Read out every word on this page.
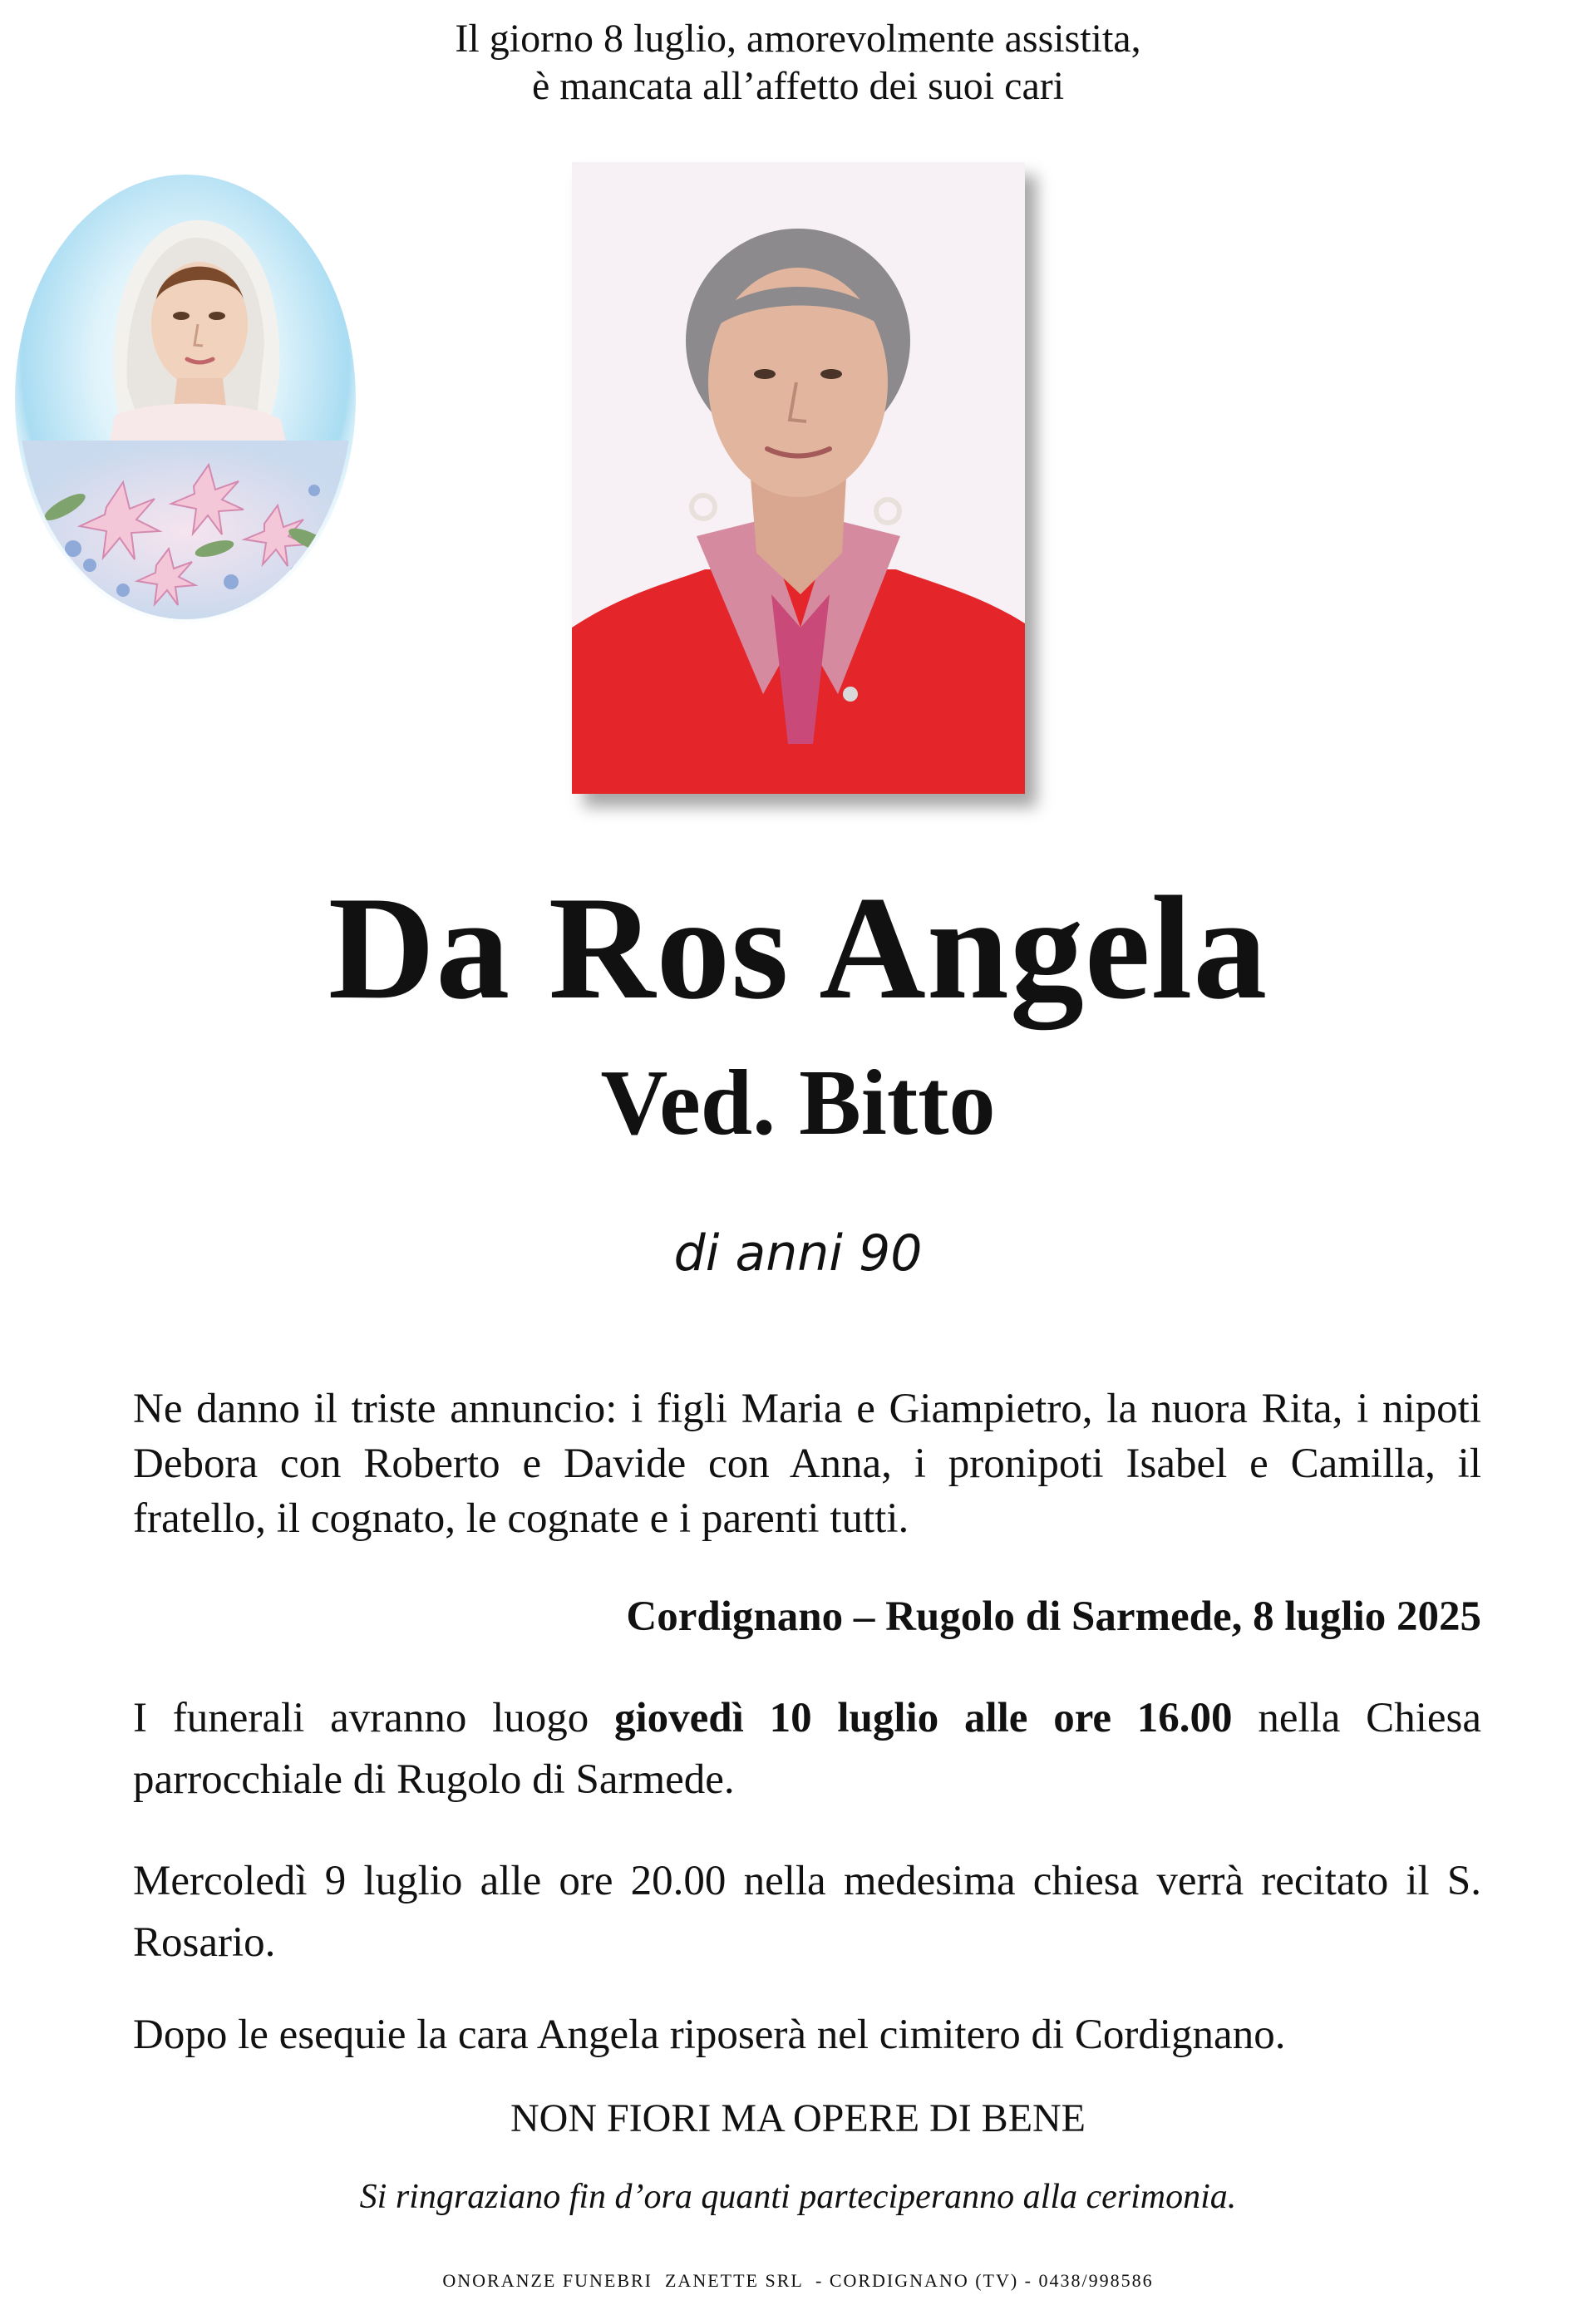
Il giorno 8 luglio, amorevolmente assistita,
è mancata all’affetto dei suoi cari
Da Ros Angela
Ved. Bitto
di anni 90
Ne danno il triste annuncio: i figli Maria e Giampietro, la nuora Rita, i nipoti Debora con Roberto e Davide con Anna, i pronipoti Isabel e Camilla, il fratello, il cognato, le cognate e i parenti tutti.
Cordignano – Rugolo di Sarmede, 8 luglio 2025
I funerali avranno luogo giovedì 10 luglio alle ore 16.00 nella Chiesa parrocchiale di Rugolo di Sarmede.
Mercoledì 9 luglio alle ore 20.00 nella medesima chiesa verrà recitato il S. Rosario.
Dopo le esequie la cara Angela riposerà nel cimitero di Cordignano.
NON FIORI MA OPERE DI BENE
Si ringraziano fin d’ora quanti parteciperanno alla cerimonia.
ONORANZE FUNEBRI  ZANETTE SRL  - CORDIGNANO (TV) - 0438/998586
